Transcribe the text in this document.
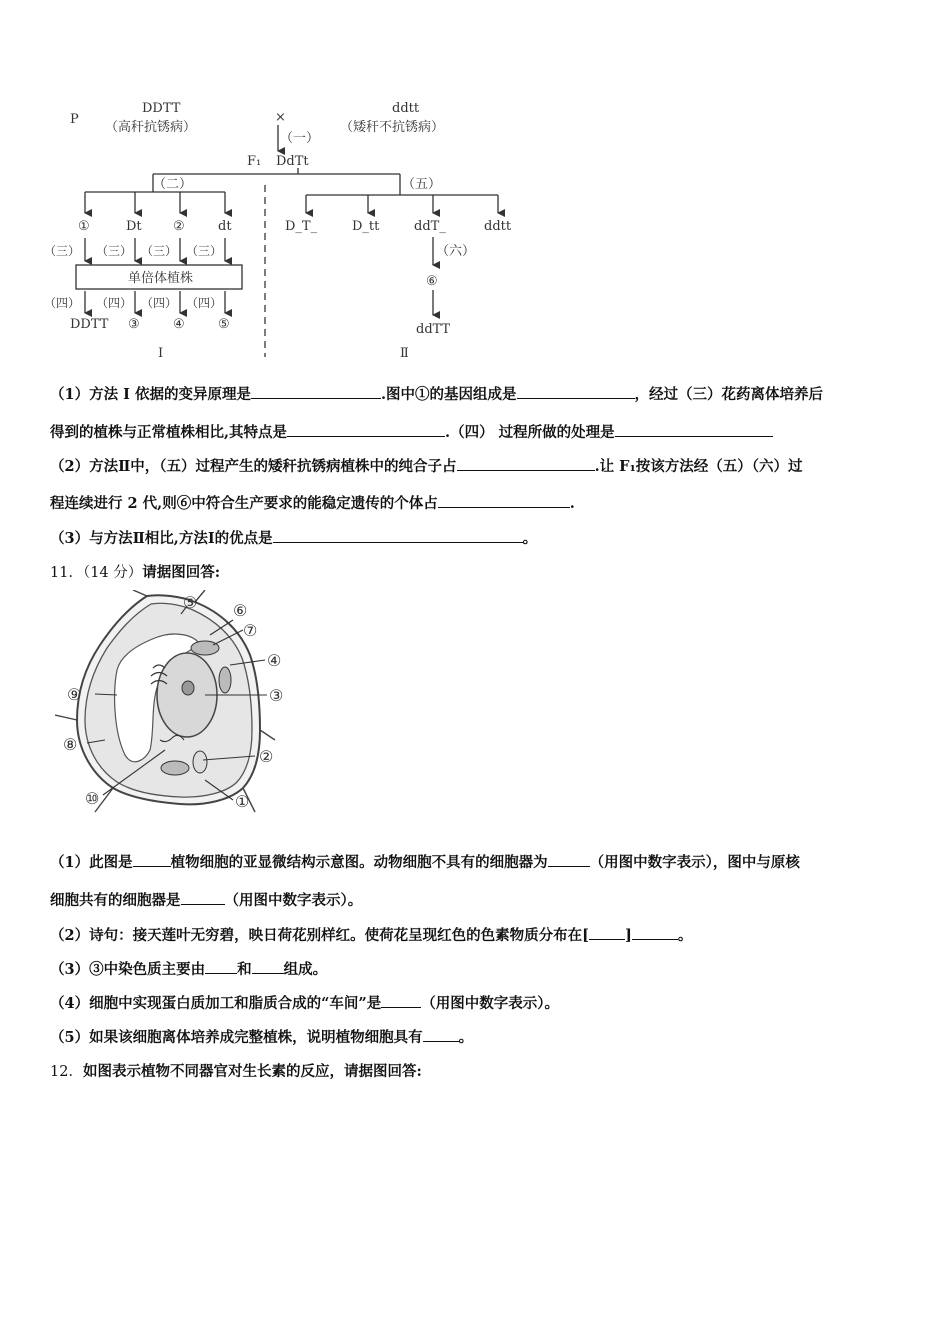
P
DDTT
（高秆抗锈病）
×
ddtt
（矮秆不抗锈病）
（一）
F₁ DdTt
（二）	（五）
①	Dt ②	dt
（三） （三） （三） （三）
单倍体植株
（四） （四） （四） （四）
DDTT ③	④	⑤
Ⅰ
D_T_	D_tt	ddT_	ddtt
（六）
⑥
ddTT
Ⅱ
（1）方法 I 依据的变异原理是	.图中①的基因组成是	，经过（三）花药离体培养后
得到的植株与正常植株相比,其特点是	.（四） 过程所做的处理是
（2）方法Ⅱ中，（五）过程产生的矮秆抗锈病植株中的纯合子占	.让 F₁按该方法经（五）（六）过
程连续进行 2 代,则⑥中符合生产要求的能稳定遗传的个体占	.
（3）与方法Ⅱ相比,方法Ⅰ的优点是	。
11．（14 分）请据图回答:
①
②
③
④
⑤ ⑥
⑦
⑧
⑨
⑩
（1）此图是	植物细胞的亚显微结构示意图。动物细胞不具有的细胞器为	（用图中数字表示），图中与原核
细胞共有的细胞器是	（用图中数字表示）。
（2）诗句：接天莲叶无穷碧，映日荷花别样红。使荷花呈现红色的色素物质分布在[ ]	。
（3）③中染色质主要由 和 组成。
（4）细胞中实现蛋白质加工和脂质合成的“车间”是	（用图中数字表示）。
（5）如果该细胞离体培养成完整植株，说明植物细胞具有 。
12．如图表示植物不同器官对生长素的反应，请据图回答:
